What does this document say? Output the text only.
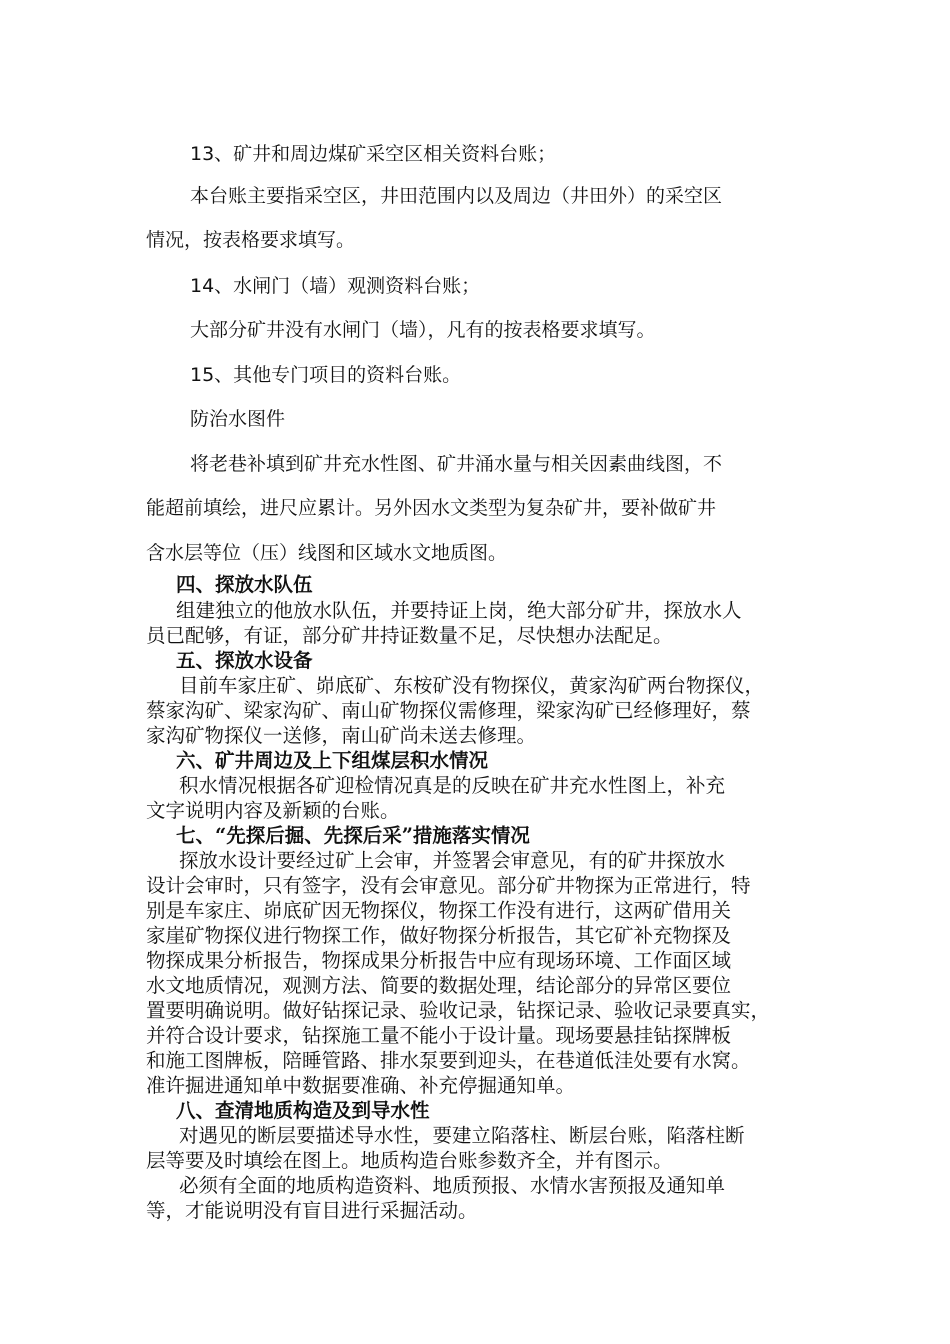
13、矿井和周边煤矿采空区相关资料台账；
本台账主要指采空区，井田范围内以及周边（井田外）的采空区
情况，按表格要求填写。
14、水闸门（墙）观测资料台账；
大部分矿井没有水闸门（墙），凡有的按表格要求填写。
15、其他专门项目的资料台账。
防治水图件
将老巷补填到矿井充水性图、矿井涌水量与相关因素曲线图，不
能超前填绘，进尺应累计。另外因水文类型为复杂矿井，要补做矿井
含水层等位（压）线图和区域水文地质图。
四、探放水队伍
组建独立的他放水队伍，并要持证上岗，绝大部分矿井，探放水人
员已配够，有证，部分矿井持证数量不足，尽快想办法配足。
五、探放水设备
目前车家庄矿、峁底矿、东桉矿没有物探仪，黄家沟矿两台物探仪，
蔡家沟矿、梁家沟矿、南山矿物探仪需修理，梁家沟矿已经修理好，蔡
家沟矿物探仪一送修，南山矿尚未送去修理。
六、矿井周边及上下组煤层积水情况
积水情况根据各矿迎检情况真是的反映在矿井充水性图上，补充
文字说明内容及新颖的台账。
七、“先探后掘、先探后采”措施落实情况
探放水设计要经过矿上会审，并签署会审意见，有的矿井探放水
设计会审时，只有签字，没有会审意见。部分矿井物探为正常进行，特
别是车家庄、峁底矿因无物探仪，物探工作没有进行，这两矿借用关
家崖矿物探仪进行物探工作，做好物探分析报告，其它矿补充物探及
物探成果分析报告，物探成果分析报告中应有现场环境、工作面区域
水文地质情况，观测方法、简要的数据处理，结论部分的异常区要位
置要明确说明。做好钻探记录、验收记录，钻探记录、验收记录要真实，
并符合设计要求，钻探施工量不能小于设计量。现场要悬挂钻探牌板
和施工图牌板，陪睡管路、排水泵要到迎头，在巷道低洼处要有水窝。
准许掘进通知单中数据要准确、补充停掘通知单。
八、查清地质构造及到导水性
对遇见的断层要描述导水性，要建立陷落柱、断层台账，陷落柱断
层等要及时填绘在图上。地质构造台账参数齐全，并有图示。
必须有全面的地质构造资料、地质预报、水情水害预报及通知单
等，才能说明没有盲目进行采掘活动。
